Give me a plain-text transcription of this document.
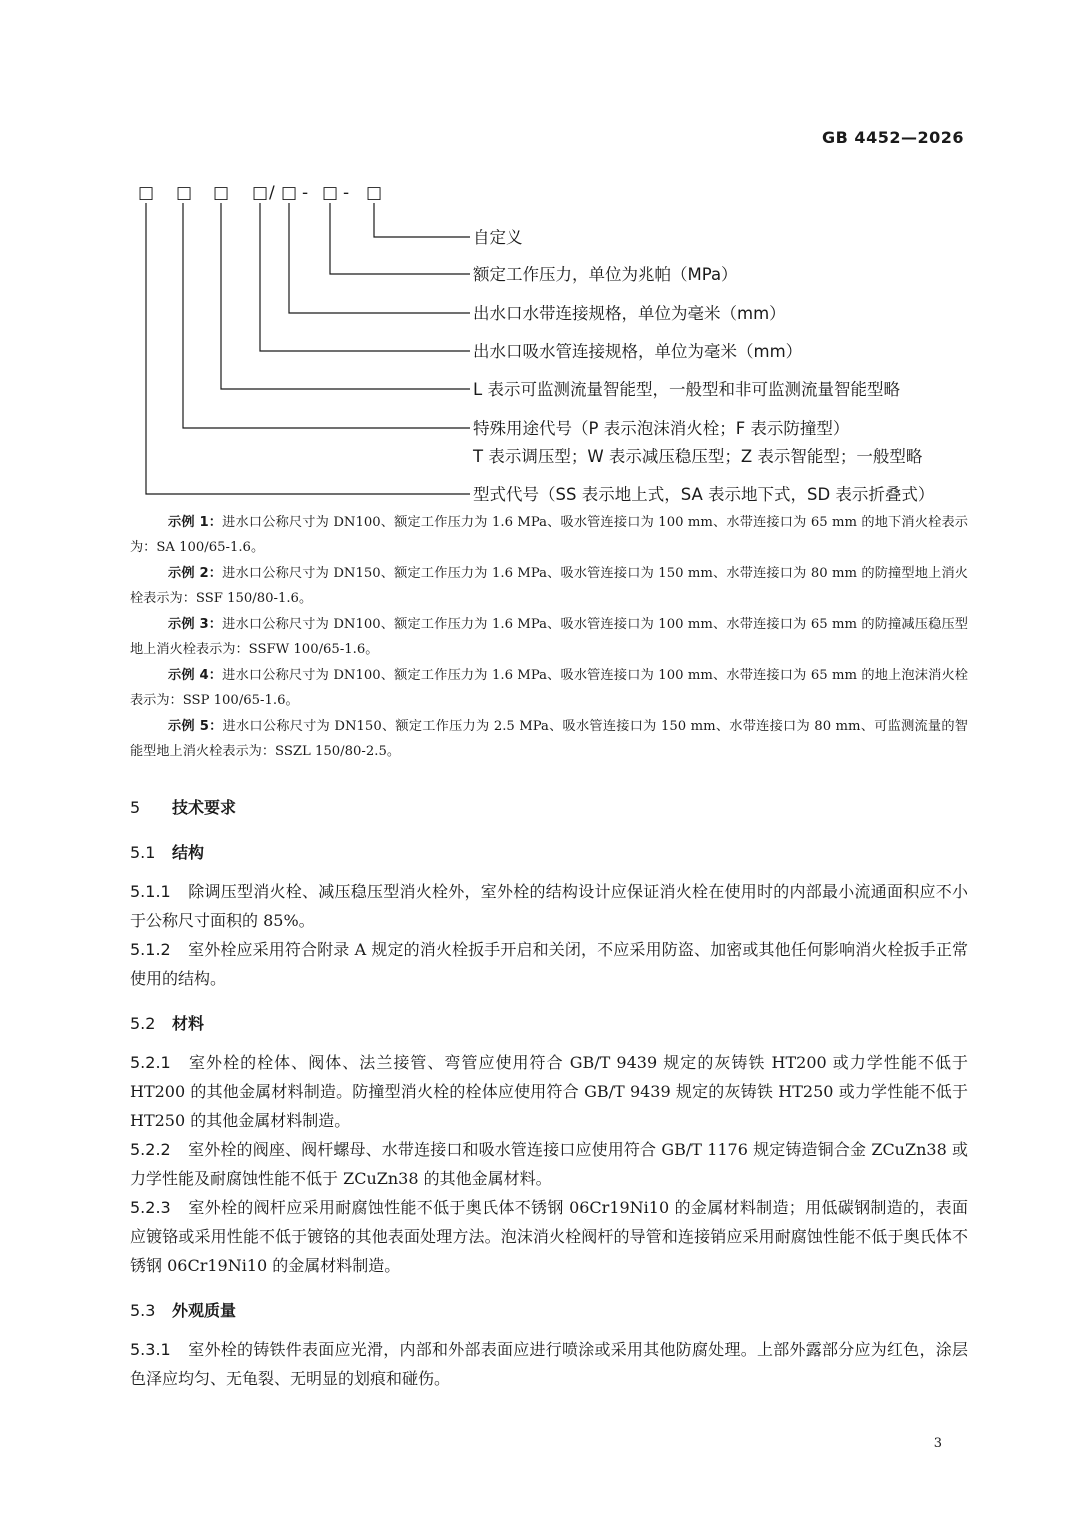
GB 4452—2026
□ □ □ □ / □ - □ - □
自定义
额定工作压力，单位为兆帕（MPa）
出水口水带连接规格，单位为毫米（mm）
出水口吸水管连接规格，单位为毫米（mm）
L 表示可监测流量智能型，一般型和非可监测流量智能型略
特殊用途代号（P 表示泡沫消火栓；F 表示防撞型）
T 表示调压型；W 表示减压稳压型；Z 表示智能型；一般型略
型式代号（SS 表示地上式，SA 表示地下式，SD 表示折叠式）

示例 1：进水口公称尺寸为 DN100、额定工作压力为 1.6 MPa、吸水管连接口为 100 mm、水带连接口为 65 mm 的地下消火栓表示为：SA 100/65-1.6。

示例 2：进水口公称尺寸为 DN150、额定工作压力为 1.6 MPa、吸水管连接口为 150 mm、水带连接口为 80 mm 的防撞型地上消火栓表示为：SSF 150/80-1.6。

示例 3：进水口公称尺寸为 DN100、额定工作压力为 1.6 MPa、吸水管连接口为 100 mm、水带连接口为 65 mm 的防撞减压稳压型地上消火栓表示为：SSFW 100/65-1.6。

示例 4：进水口公称尺寸为 DN100、额定工作压力为 1.6 MPa、吸水管连接口为 100 mm、水带连接口为 65 mm 的地上泡沫消火栓表示为：SSP 100/65-1.6。

示例 5：进水口公称尺寸为 DN150、额定工作压力为 2.5 MPa、吸水管连接口为 150 mm、水带连接口为 80 mm、可监测流量的智能型地上消火栓表示为：SSZL 150/80-2.5。

5 技术要求

5.1 结构

5.1.1 除调压型消火栓、减压稳压型消火栓外，室外栓的结构设计应保证消火栓在使用时的内部最小流通面积应不小于公称尺寸面积的 85%。

5.1.2 室外栓应采用符合附录 A 规定的消火栓扳手开启和关闭，不应采用防盗、加密或其他任何影响消火栓扳手正常使用的结构。

5.2 材料

5.2.1 室外栓的栓体、阀体、法兰接管、弯管应使用符合 GB/T 9439 规定的灰铸铁 HT200 或力学性能不低于 HT200 的其他金属材料制造。防撞型消火栓的栓体应使用符合 GB/T 9439 规定的灰铸铁 HT250 或力学性能不低于 HT250 的其他金属材料制造。

5.2.2 室外栓的阀座、阀杆螺母、水带连接口和吸水管连接口应使用符合 GB/T 1176 规定铸造铜合金 ZCuZn38 或力学性能及耐腐蚀性能不低于 ZCuZn38 的其他金属材料。

5.2.3 室外栓的阀杆应采用耐腐蚀性能不低于奥氏体不锈钢 06Cr19Ni10 的金属材料制造；用低碳钢制造的，表面应镀铬或采用性能不低于镀铬的其他表面处理方法。泡沫消火栓阀杆的导管和连接销应采用耐腐蚀性能不低于奥氏体不锈钢 06Cr19Ni10 的金属材料制造。

5.3 外观质量

5.3.1 室外栓的铸铁件表面应光滑，内部和外部表面应进行喷涂或采用其他防腐处理。上部外露部分应为红色，涂层色泽应均匀、无龟裂、无明显的划痕和碰伤。

3
